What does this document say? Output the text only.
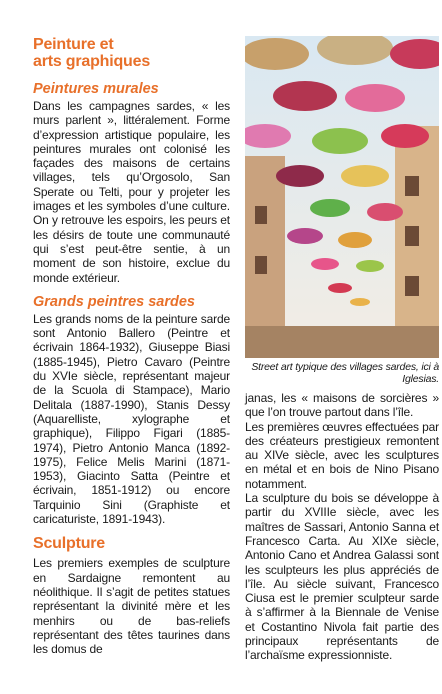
Peinture et
arts graphiques
Peintures murales

Dans les campagnes sardes, « les murs parlent », littéralement. Forme d’expression artistique populaire, les peintures murales ont colonisé les façades des maisons de certains villages, tels qu’Orgosolo, San Sperate ou Telti, pour y projeter les images et les symboles d’une culture. On y retrouve les espoirs, les peurs et les désirs de toute une communauté qui s’est peut-être sentie, à un moment de son histoire, exclue du monde extérieur.

Grands peintres sardes

Les grands noms de la peinture sarde sont Antonio Ballero (Peintre et écrivain 1864-1932), Giuseppe Biasi (1885-1945), Pietro Cavaro (Peintre du XVIe siècle, représentant majeur de la Scuola di Stampace), Mario Delitala (1887-1990), Stanis Dessy (Aquarelliste, xylographe et graphique), Filippo Figari (1885-1974), Pietro Antonio Manca (1892-1975), Felice Melis Marini (1871-1953), Giacinto Satta (Peintre et écrivain, 1851-1912) ou encore Tarquinio Sini (Graphiste et caricaturiste, 1891-1943).

Sculpture

Les premiers exemples de sculpture en Sardaigne remontent au néolithique. Il s’agit de petites statues représentant la divinité mère et les menhirs ou de bas-reliefs représentant des têtes taurines dans les domus de

Street art typique des villages sardes, ici à Iglesias.

janas, les « maisons de sorcières » que l’on trouve partout dans l’île.

Les premières œuvres effectuées par des créateurs prestigieux remontent au XIVe siècle, avec les sculptures en métal et en bois de Nino Pisano notamment.

La sculpture du bois se développe à partir du XVIIIe siècle, avec les maîtres de Sassari, Antonio Sanna et Francesco Carta. Au XIXe siècle, Antonio Cano et Andrea Galassi sont les sculpteurs les plus appréciés de l’île. Au siècle suivant, Francesco Ciusa est le premier sculpteur sarde à s’affirmer à la Biennale de Venise et Costantino Nivola fait partie des principaux représentants de l’archaïsme expressionniste.
